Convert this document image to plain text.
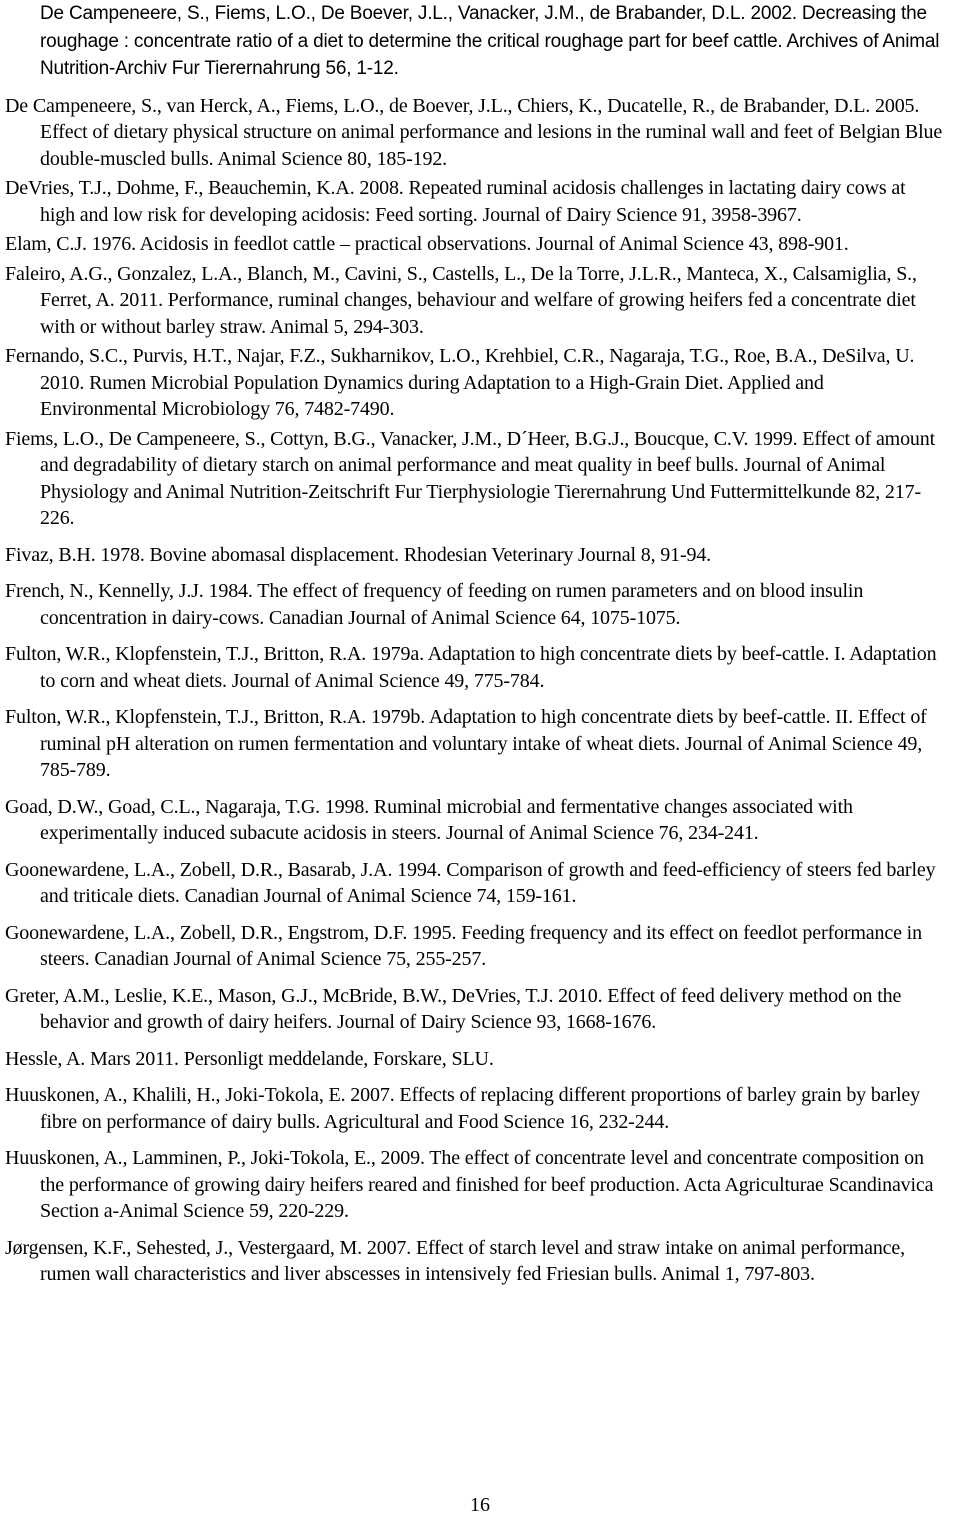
De Campeneere, S., Fiems, L.O., De Boever, J.L., Vanacker, J.M., de Brabander, D.L. 2002. Decreasing the roughage : concentrate ratio of a diet to determine the critical roughage part for beef cattle. Archives of Animal Nutrition-Archiv Fur Tierernahrung 56, 1-12.

De Campeneere, S., van Herck, A., Fiems, L.O., de Boever, J.L., Chiers, K., Ducatelle, R., de Brabander, D.L. 2005. Effect of dietary physical structure on animal performance and lesions in the ruminal wall and feet of Belgian Blue double-muscled bulls. Animal Science 80, 185-192.

DeVries, T.J., Dohme, F., Beauchemin, K.A. 2008. Repeated ruminal acidosis challenges in lactating dairy cows at high and low risk for developing acidosis: Feed sorting. Journal of Dairy Science 91, 3958-3967.

Elam, C.J. 1976. Acidosis in feedlot cattle – practical observations. Journal of Animal Science 43, 898-901.

Faleiro, A.G., Gonzalez, L.A., Blanch, M., Cavini, S., Castells, L., De la Torre, J.L.R., Manteca, X., Calsamiglia, S., Ferret, A. 2011. Performance, ruminal changes, behaviour and welfare of growing heifers fed a concentrate diet with or without barley straw. Animal 5, 294-303.

Fernando, S.C., Purvis, H.T., Najar, F.Z., Sukharnikov, L.O., Krehbiel, C.R., Nagaraja, T.G., Roe, B.A., DeSilva, U. 2010. Rumen Microbial Population Dynamics during Adaptation to a High-Grain Diet. Applied and Environmental Microbiology 76, 7482-7490.

Fiems, L.O., De Campeneere, S., Cottyn, B.G., Vanacker, J.M., D´Heer, B.G.J., Boucque, C.V. 1999. Effect of amount and degradability of dietary starch on animal performance and meat quality in beef bulls. Journal of Animal Physiology and Animal Nutrition-Zeitschrift Fur Tierphysiologie Tierernahrung Und Futtermittelkunde 82, 217-226.

Fivaz, B.H. 1978. Bovine abomasal displacement. Rhodesian Veterinary Journal 8, 91-94.

French, N., Kennelly, J.J. 1984. The effect of frequency of feeding on rumen parameters and on blood insulin concentration in dairy-cows. Canadian Journal of Animal Science 64, 1075-1075.

Fulton, W.R., Klopfenstein, T.J., Britton, R.A. 1979a. Adaptation to high concentrate diets by beef-cattle. I. Adaptation to corn and wheat diets. Journal of Animal Science 49, 775-784.

Fulton, W.R., Klopfenstein, T.J., Britton, R.A. 1979b. Adaptation to high concentrate diets by beef-cattle. II. Effect of ruminal pH alteration on rumen fermentation and voluntary intake of wheat diets. Journal of Animal Science 49, 785-789.

Goad, D.W., Goad, C.L., Nagaraja, T.G. 1998. Ruminal microbial and fermentative changes associated with experimentally induced subacute acidosis in steers. Journal of Animal Science 76, 234-241.

Goonewardene, L.A., Zobell, D.R., Basarab, J.A. 1994. Comparison of growth and feed-efficiency of steers fed barley and triticale diets. Canadian Journal of Animal Science 74, 159-161.

Goonewardene, L.A., Zobell, D.R., Engstrom, D.F. 1995. Feeding frequency and its effect on feedlot performance in steers. Canadian Journal of Animal Science 75, 255-257.

Greter, A.M., Leslie, K.E., Mason, G.J., McBride, B.W., DeVries, T.J. 2010. Effect of feed delivery method on the behavior and growth of dairy heifers. Journal of Dairy Science 93, 1668-1676.

Hessle, A. Mars 2011. Personligt meddelande, Forskare, SLU.

Huuskonen, A., Khalili, H., Joki-Tokola, E. 2007. Effects of replacing different proportions of barley grain by barley fibre on performance of dairy bulls. Agricultural and Food Science 16, 232-244.

Huuskonen, A., Lamminen, P., Joki-Tokola, E., 2009. The effect of concentrate level and concentrate composition on the performance of growing dairy heifers reared and finished for beef production. Acta Agriculturae Scandinavica Section a-Animal Science 59, 220-229.

Jørgensen, K.F., Sehested, J., Vestergaard, M. 2007. Effect of starch level and straw intake on animal performance, rumen wall characteristics and liver abscesses in intensively fed Friesian bulls. Animal 1, 797-803.

16
